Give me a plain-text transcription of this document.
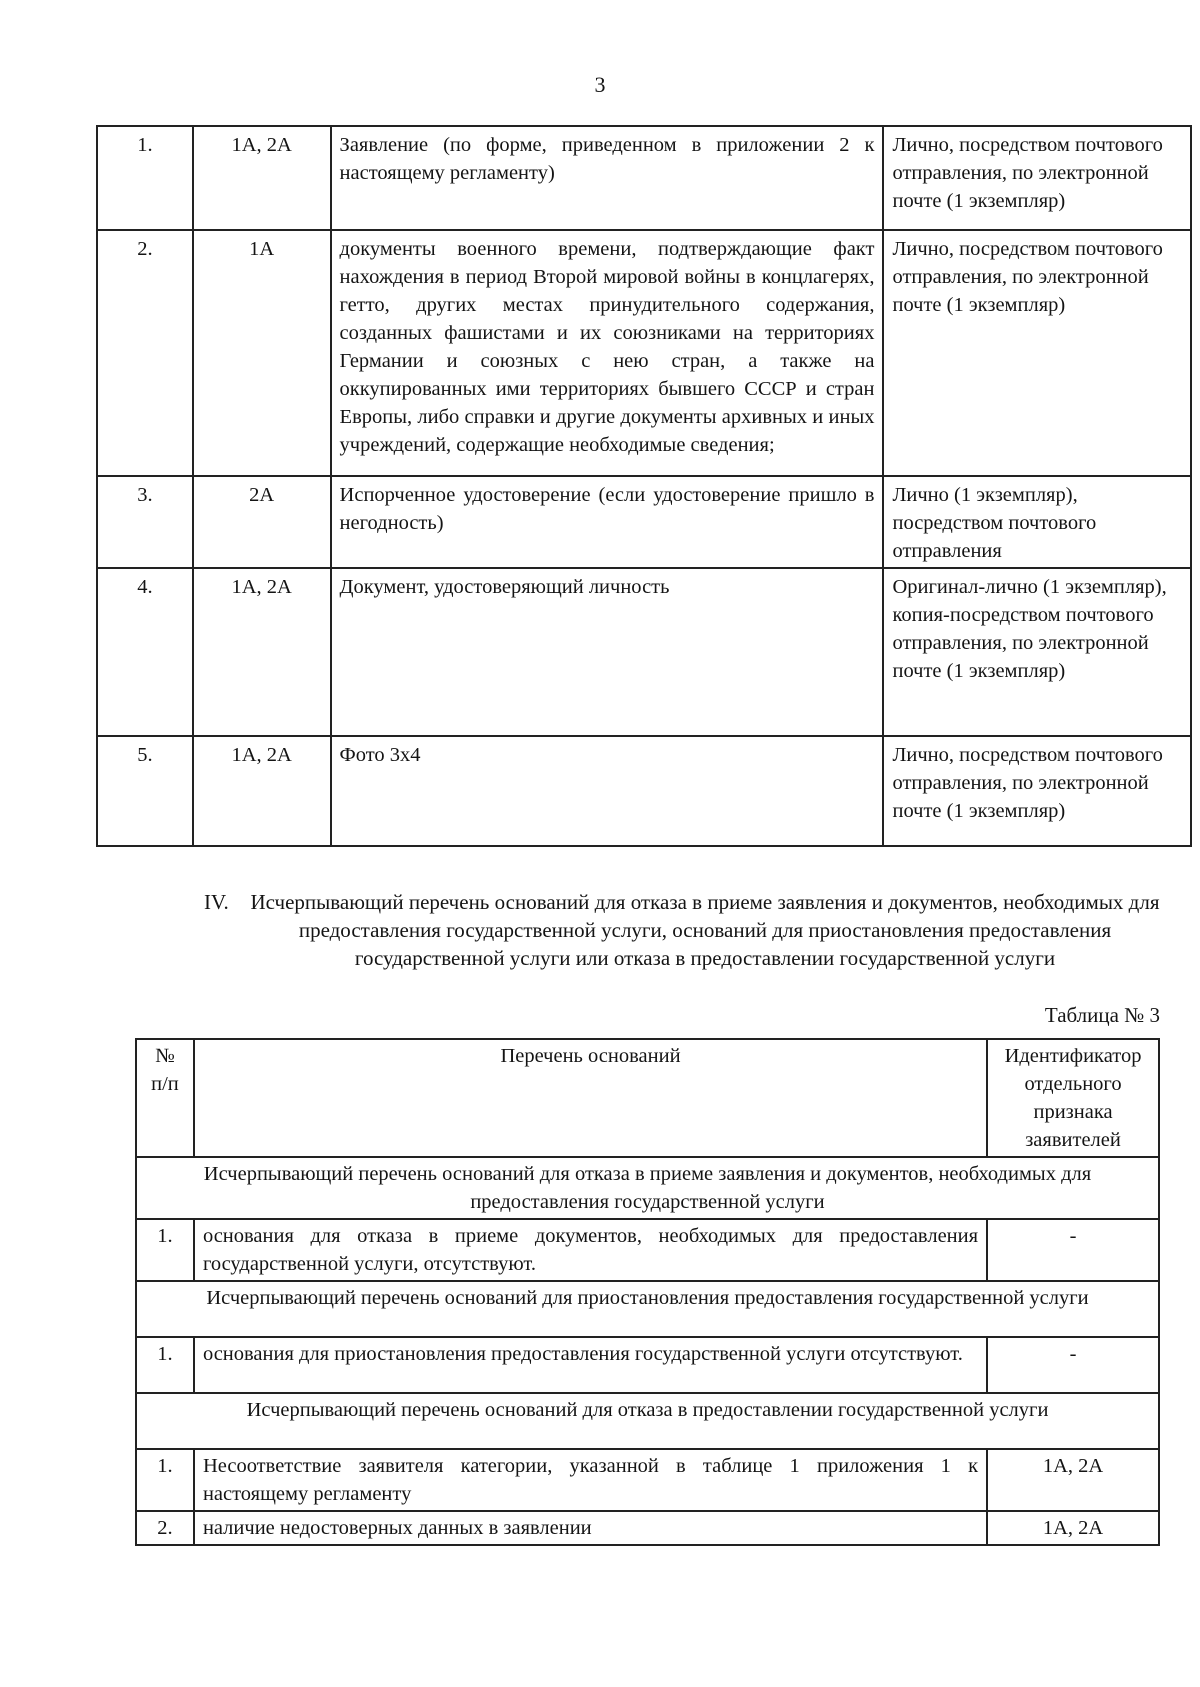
3
1.	1А, 2А	Заявление (по форме, приведенном в приложении 2 к настоящему регламенту)	Лично, посредством почтового отправления, по электронной почте (1 экземпляр)
2.	1А	документы военного времени, подтверждающие факт нахождения в период Второй мировой войны в концлагерях, гетто, других местах принудительного содержания, созданных фашистами и их союзниками на территориях Германии и союзных с нею стран, а также на оккупированных ими территориях бывшего СССР и стран Европы, либо справки и другие документы архивных и иных учреждений, содержащие необходимые сведения;	Лично, посредством почтового отправления, по электронной почте (1 экземпляр)
3.	2А	Испорченное удостоверение (если удостоверение пришло в негодность)	Лично (1 экземпляр), посредством почтового отправления
4.	1А, 2А	Документ, удостоверяющий личность	Оригинал-лично (1 экземпляр), копия-посредством почтового отправления, по электронной почте (1 экземпляр)
5.	1А, 2А	Фото 3х4	Лично, посредством почтового отправления, по электронной почте (1 экземпляр)
IV. Исчерпывающий перечень оснований для отказа в приеме заявления и документов, необходимых для предоставления государственной услуги, оснований для приостановления предоставления государственной услуги или отказа в предоставлении государственной услуги
Таблица № 3
№ п/п	Перечень оснований	Идентификатор отдельного признака заявителей
Исчерпывающий перечень оснований для отказа в приеме заявления и документов, необходимых для предоставления государственной услуги		
1.	основания для отказа в приеме документов, необходимых для предоставления государственной услуги, отсутствуют.	-
Исчерпывающий перечень оснований для приостановления предоставления государственной услуги		
1.	основания для приостановления предоставления государственной услуги отсутствуют.	-
Исчерпывающий перечень оснований для отказа в предоставлении государственной услуги		
1.	Несоответствие заявителя категории, указанной в таблице 1 приложения 1 к настоящему регламенту	1А, 2А
2.	наличие недостоверных данных в заявлении	1А, 2А
